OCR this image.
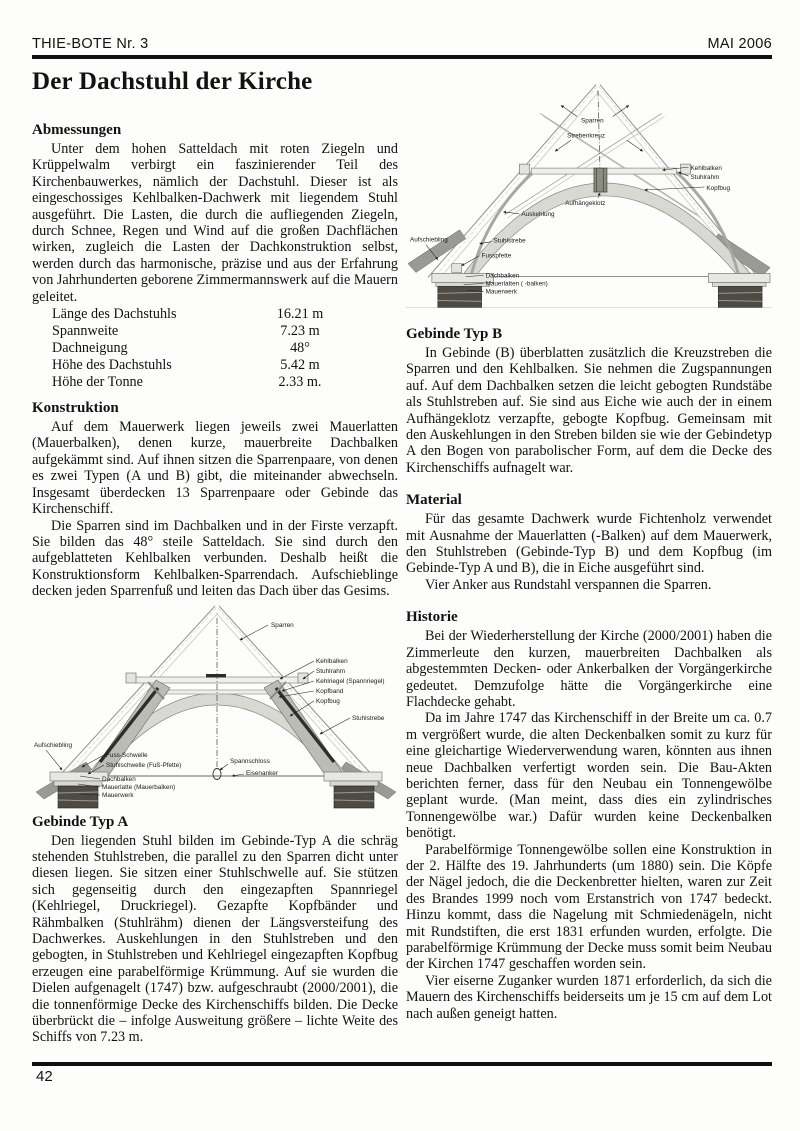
THIE-BOTE Nr. 3	MAI 2006
Der Dachstuhl der Kirche
Abmessungen

Unter dem hohen Satteldach mit roten Ziegeln und Krüppelwalm verbirgt ein faszinierender Teil des Kirchenbauwerkes, nämlich der Dachstuhl. Dieser ist als eingeschossiges Kehlbalken-Dachwerk mit liegendem Stuhl ausgeführt. Die Lasten, die durch die aufliegenden Ziegeln, durch Schnee, Regen und Wind auf die großen Dachflächen wirken, zugleich die Lasten der Dachkonstruktion selbst, werden durch das harmonische, präzise und aus der Erfahrung von Jahrhunderten geborene Zimmermannswerk auf die Mauern geleitet.

Länge des Dachstuhls	16.21 m
Spannweite	7.23 m
Dachneigung	48°
Höhe des Dachstuhls	5.42 m
Höhe der Tonne	2.33 m.
Konstruktion

Auf dem Mauerwerk liegen jeweils zwei Mauerlatten (Mauerbalken), denen kurze, mauerbreite Dachbalken aufgekämmt sind. Auf ihnen sitzen die Sparrenpaare, von denen es zwei Typen (A und B) gibt, die miteinander abwechseln. Insgesamt überdecken 13 Sparrenpaare oder Gebinde das Kirchenschiff.

Die Sparren sind im Dachbalken und in der Firste verzapft. Sie bilden das 48° steile Satteldach. Sie sind durch den aufgeblatteten Kehlbalken verbunden. Deshalb heißt die Konstruktionsform Kehlbalken-Sparrendach. Aufschieblinge decken jeden Sparrenfuß und leiten das Dach über das Gesims.

Sparren
Kehlbalken
Stuhlrahm
Kehlriegel (Spannriegel)
Kopfband
Kopfbug
Stuhlstrebe
Aufschiebling
Fuss-Schwelle
Stuhlschwelle (Fuß-Pfette)
Spannschloss
Eisenanker
Dachbalken
Mauerlatte (Mauerbalken)
Mauerwerk
Gebinde Typ A

Den liegenden Stuhl bilden im Gebinde-Typ A die schräg stehenden Stuhlstreben, die parallel zu den Sparren dicht unter diesen liegen. Sie sitzen einer Stuhlschwelle auf. Sie stützen sich gegenseitig durch den eingezapften Spannriegel (Kehlriegel, Druckriegel). Gezapfte Kopfbänder und Rähmbalken (Stuhlrähm) dienen der Längsversteifung des Dachwerkes. Auskehlungen in den Stuhlstreben und den gebogten, in Stuhlstreben und Kehlriegel eingezapften Kopfbug erzeugen eine parabelförmige Krümmung. Auf sie wurden die Dielen aufgenagelt (1747) bzw. aufgeschraubt (2000/2001), die die tonnenförmige Decke des Kirchenschiffs bilden. Die Decke überbrückt die – infolge Ausweitung größere – lichte Weite des Schiffs von 7.23 m.

Sparren
Strebenkreuz
Kehlbalken
Stuhlrahm
Kopfbug
Aufhängeklotz
Auskehlung
Aufschiebling	Stuhlstrebe
Fusspfette
Dachbalken
Mauerlatten ( -balken)
Mauerwerk
Gebinde Typ B

In Gebinde (B) überblatten zusätzlich die Kreuzstreben die Sparren und den Kehlbalken. Sie nehmen die Zugspannungen auf. Auf dem Dachbalken setzen die leicht gebogten Rundstäbe als Stuhlstreben auf. Sie sind aus Eiche wie auch der in einem Aufhängeklotz verzapfte, gebogte Kopfbug. Gemeinsam mit den Auskehlungen in den Streben bilden sie wie der Gebindetyp A den Bogen von parabolischer Form, auf dem die Decke des Kirchenschiffs aufnagelt war.

Material

Für das gesamte Dachwerk wurde Fichtenholz verwendet mit Ausnahme der Mauerlatten (-Balken) auf dem Mauerwerk, den Stuhlstreben (Gebinde-Typ B) und dem Kopfbug (im Gebinde-Typ A und B), die in Eiche ausgeführt sind.

Vier Anker aus Rundstahl verspannen die Sparren.

Historie

Bei der Wiederherstellung der Kirche (2000/2001) haben die Zimmerleute den kurzen, mauerbreiten Dachbalken als abgestemmten Decken- oder Ankerbalken der Vorgängerkirche gedeutet. Demzufolge hätte die Vorgängerkirche eine Flachdecke gehabt.

Da im Jahre 1747 das Kirchenschiff in der Breite um ca. 0.7 m vergrößert wurde, die alten Deckenbalken somit zu kurz für eine gleichartige Wiederverwendung waren, könnten aus ihnen neue Dachbalken verfertigt worden sein. Die Bau-Akten berichten ferner, dass für den Neubau ein Tonnengewölbe geplant wurde. (Man meint, dass dies ein zylindrisches Tonnengewölbe war.) Dafür wurden keine Deckenbalken benötigt.

Parabelförmige Tonnengewölbe sollen eine Konstruktion in der 2. Hälfte des 19. Jahrhunderts (um 1880) sein. Die Köpfe der Nägel jedoch, die die Deckenbretter hielten, waren zur Zeit des Brandes 1999 noch vom Erstanstrich von 1747 bedeckt. Hinzu kommt, dass die Nagelung mit Schmiedenägeln, nicht mit Rundstiften, die erst 1831 erfunden wurden, erfolgte. Die parabelförmige Krümmung der Decke muss somit beim Neubau der Kirchen 1747 geschaffen worden sein.

Vier eiserne Zuganker wurden 1871 erforderlich, da sich die Mauern des Kirchenschiffs beiderseits um je 15 cm auf dem Lot nach außen geneigt hatten.

42
